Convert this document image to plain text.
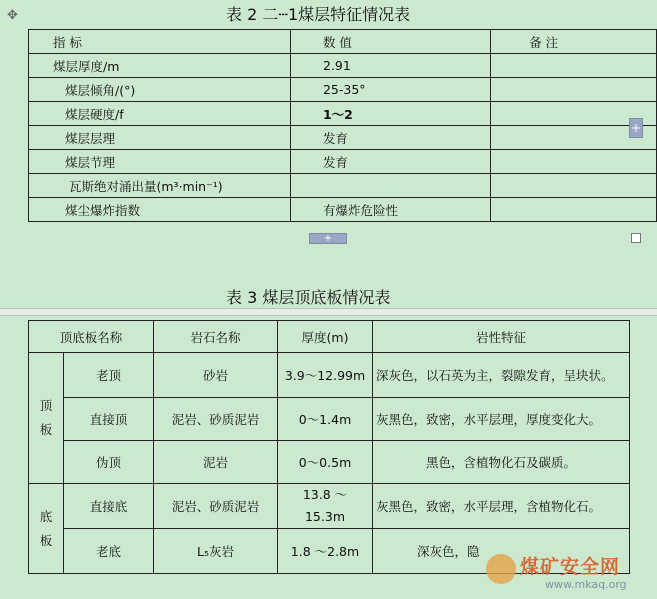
✥	表 2 二┄1煤层特征情况表
指 标	数 值	备 注
煤层厚度/m	2.91	
煤层倾角/(°)	25-35°	
煤层硬度/f	1～2	
煤层层理	发育	
煤层节理	发育	
瓦斯绝对涌出量(m³·min⁻¹)		
煤尘爆炸指数	有爆炸危险性	
+
+
表 3 煤层顶底板情况表
顶底板名称		岩石名称	厚度(m)	岩性特征
顶板	老顶	砂岩	3.9～12.99m	深灰色，以石英为主，裂隙发育，呈块状。
	直接顶	泥岩、砂质泥岩	0～1.4m	灰黑色，致密，水平层理，厚度变化大。
	伪顶	泥岩	0～0.5m	黑色，含植物化石及碳质。
底板	直接底	泥岩、砂质泥岩	13.8 ～ 15.3m	灰黑色，致密，水平层理，含植物化石。
	老底	L₅灰岩	1.8 ～2.8m	深灰色，隐
煤矿安全网
www.mkaq.org
